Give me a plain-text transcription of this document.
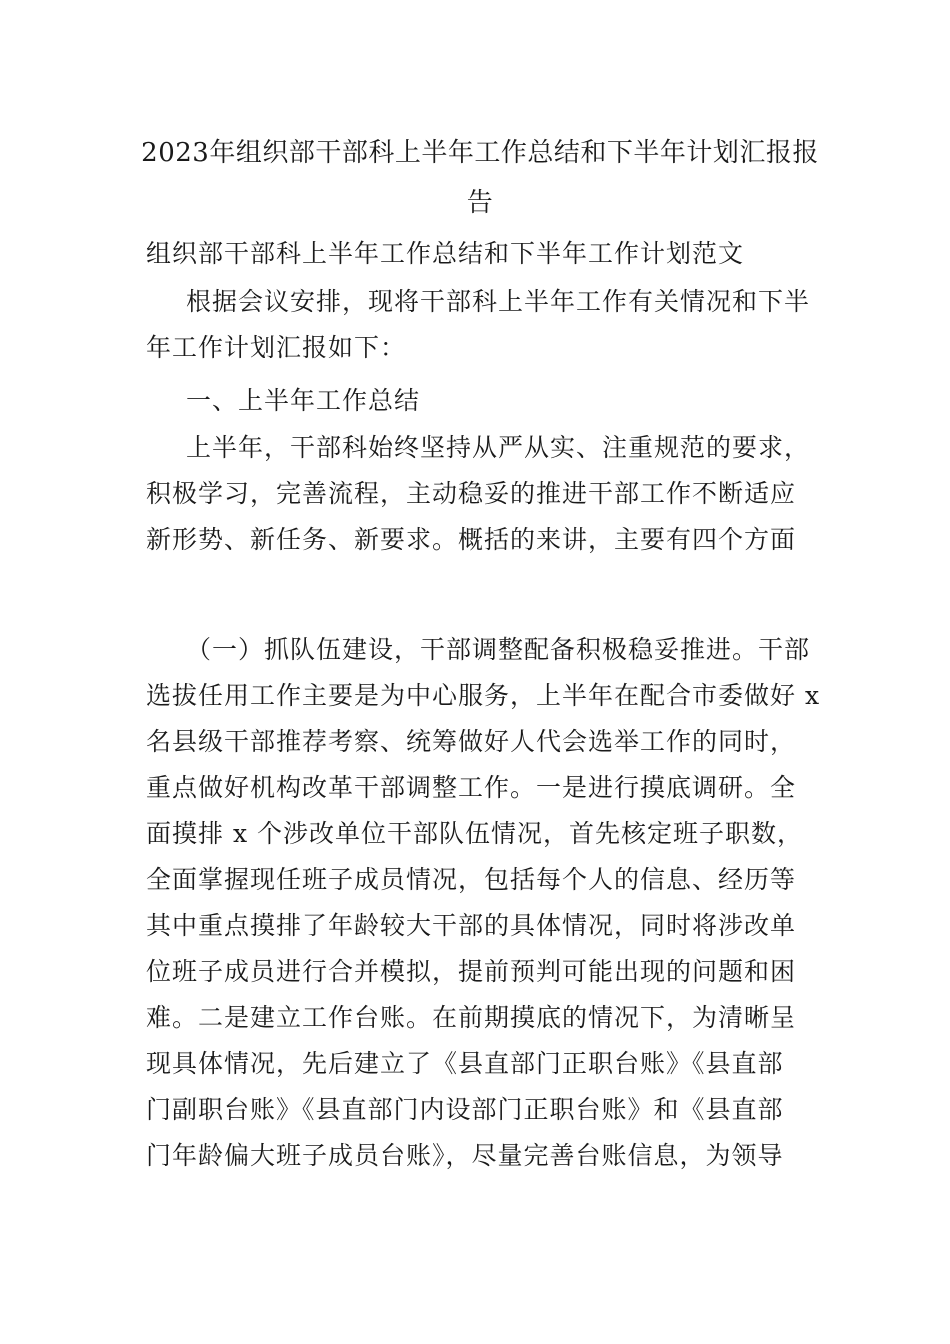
2023年组织部干部科上半年工作总结和下半年计划汇报报
告
组织部干部科上半年工作总结和下半年工作计划范文
根据会议安排，现将干部科上半年工作有关情况和下半
年工作计划汇报如下：
一、上半年工作总结
上半年，干部科始终坚持从严从实、注重规范的要求，
积极学习，完善流程，主动稳妥的推进干部工作不断适应
新形势、新任务、新要求。概括的来讲，主要有四个方面
（一）抓队伍建设，干部调整配备积极稳妥推进。干部
选拔任用工作主要是为中心服务，上半年在配合市委做好 x
名县级干部推荐考察、统筹做好人代会选举工作的同时，
重点做好机构改革干部调整工作。一是进行摸底调研。全
面摸排 x 个涉改单位干部队伍情况，首先核定班子职数，
全面掌握现任班子成员情况，包括每个人的信息、经历等
其中重点摸排了年龄较大干部的具体情况，同时将涉改单
位班子成员进行合并模拟，提前预判可能出现的问题和困
难。二是建立工作台账。在前期摸底的情况下，为清晰呈
现具体情况，先后建立了《县直部门正职台账》《县直部
门副职台账》《县直部门内设部门正职台账》和《县直部
门年龄偏大班子成员台账》，尽量完善台账信息，为领导
